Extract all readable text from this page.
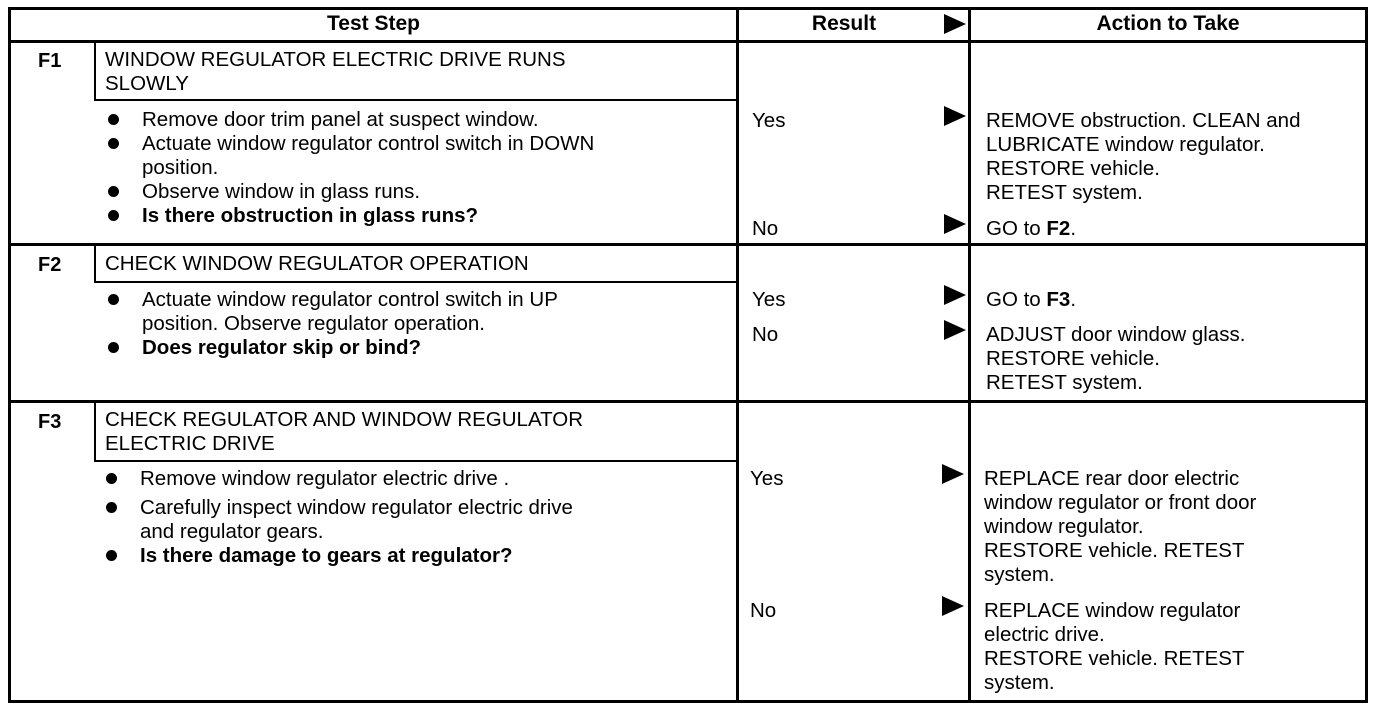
Test Step	Result	Action to Take
F1 WINDOW REGULATOR ELECTRIC DRIVE RUNS
SLOWLY
Remove door trim panel at suspect window.
Actuate window regulator control switch in DOWN
position.
Observe window in glass runs.
Is there obstruction in glass runs?
Yes	REMOVE obstruction. CLEAN and
LUBRICATE window regulator.
RESTORE vehicle.
RETEST system.
No	GO to F2.
F2 CHECK WINDOW REGULATOR OPERATION
Actuate window regulator control switch in UP
position. Observe regulator operation.
Does regulator skip or bind?
Yes	GO to F3.
No	ADJUST door window glass.
RESTORE vehicle.
RETEST system.
F3 CHECK REGULATOR AND WINDOW REGULATOR
ELECTRIC DRIVE
Remove window regulator electric drive .
Carefully inspect window regulator electric drive
and regulator gears.
Is there damage to gears at regulator?
Yes	REPLACE rear door electric
window regulator or front door
window regulator.
RESTORE vehicle. RETEST
system.
No	REPLACE window regulator
electric drive.
RESTORE vehicle. RETEST
system.
